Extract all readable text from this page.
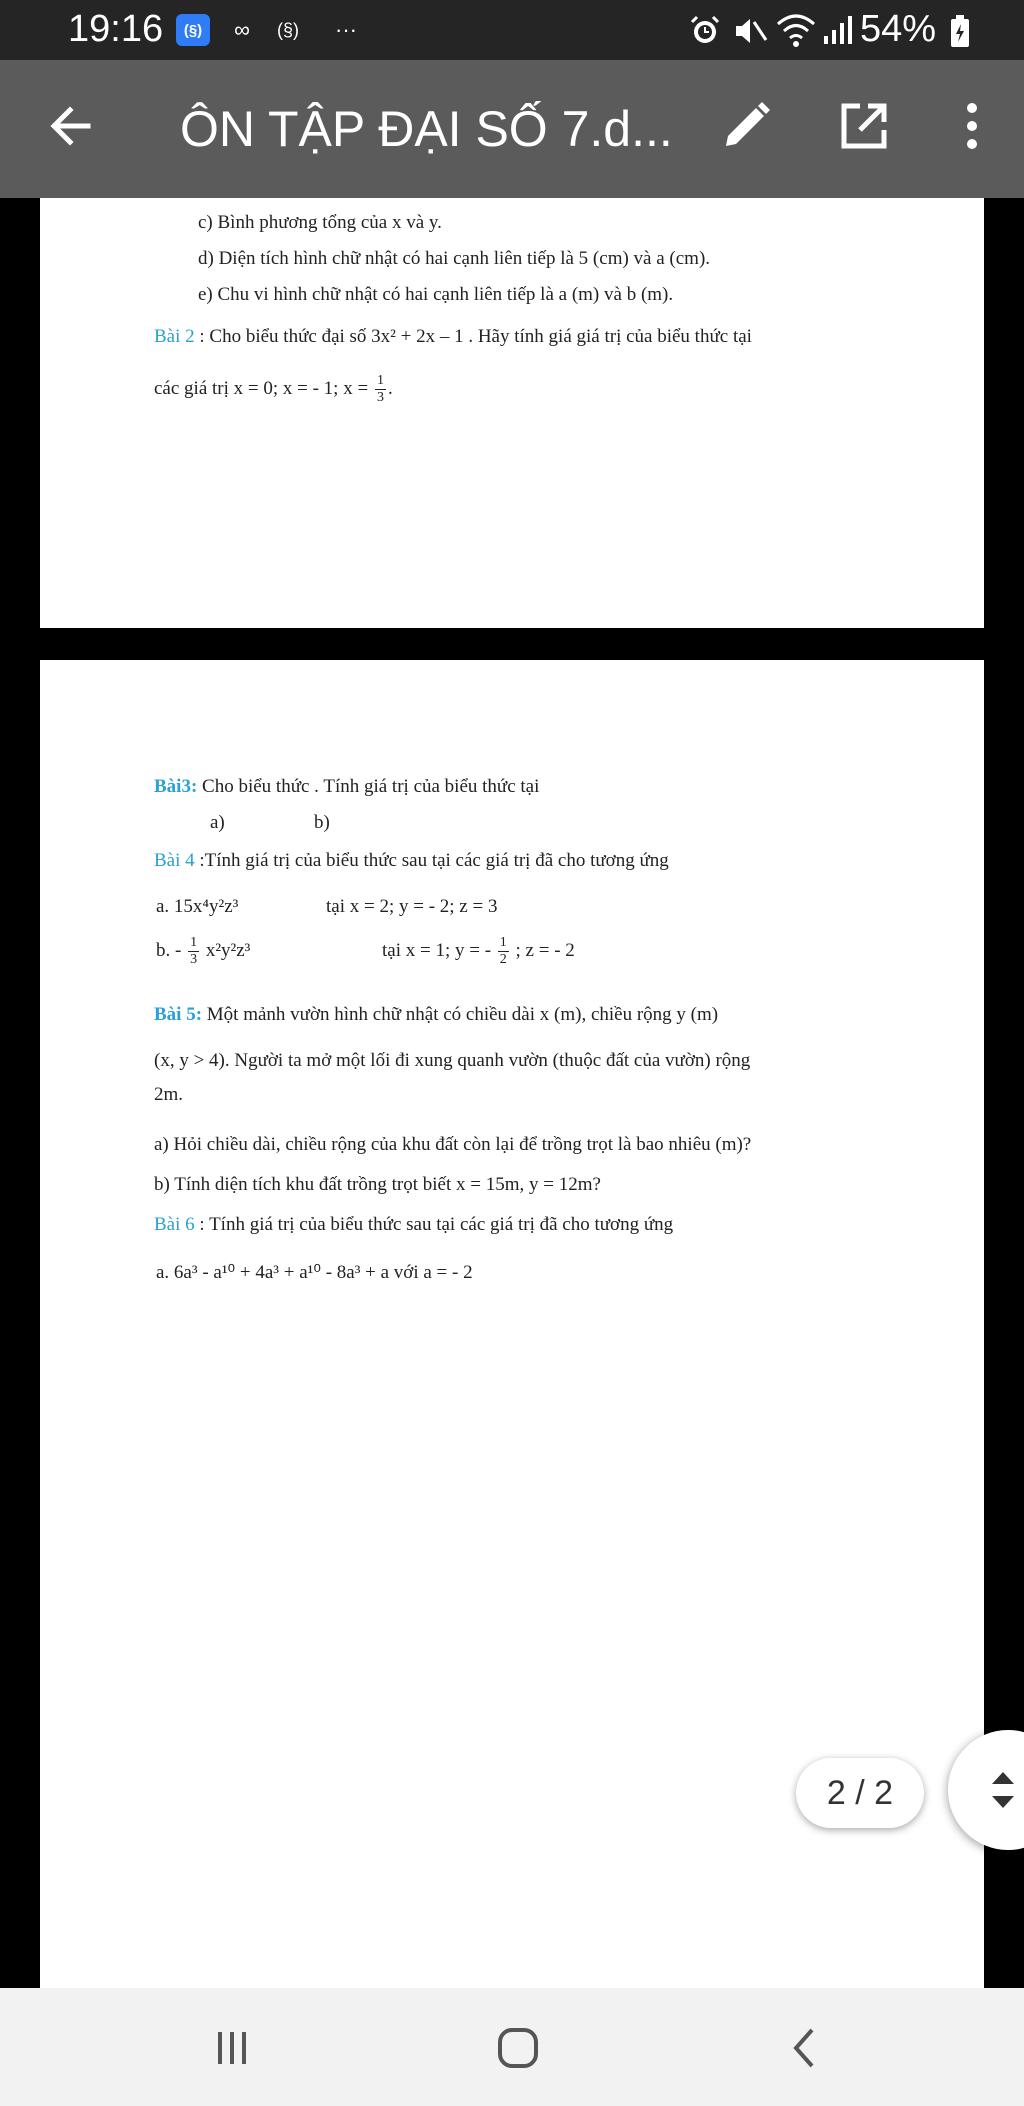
19:16	(§)	∞	(§)	···	54%
ÔN TẬP ĐẠI SỐ 7.d...
c) Bình phương tổng của x và y.
d) Diện tích hình chữ nhật có hai cạnh liên tiếp là 5 (cm) và a (cm).
e) Chu vi hình chữ nhật có hai cạnh liên tiếp là a (m) và b (m).
Bài 2 : Cho biểu thức đại số 3x² + 2x – 1 . Hãy tính giá giá trị của biểu thức tại
các giá trị x = 0; x = - 1; $x = \frac{1}{3}$ .
Bài3: Cho biểu thức . Tính giá trị của biểu thức tại
a)	b)
Bài 4 :Tính giá trị của biểu thức sau tại các giá trị đã cho tương ứng
a. 15x⁴y²z³	tại x = 2; y = - 2; z = 3
b. - $\frac{1}{3} x^2y^2z^3$	tại x = 1; y = - $\frac{1}{2}$ ; z = - 2
Bài 5: Một mảnh vườn hình chữ nhật có chiều dài x (m), chiều rộng y (m)
(x, y > 4). Người ta mở một lối đi xung quanh vườn (thuộc đất của vườn) rộng
2m.
a) Hỏi chiều dài, chiều rộng của khu đất còn lại để trồng trọt là bao nhiêu (m)?
b) Tính diện tích khu đất trồng trọt biết x = 15m, y = 12m?
Bài 6 : Tính giá trị của biểu thức sau tại các giá trị đã cho tương ứng
a. 6a³ - a¹⁰ + 4a³ + a¹⁰ - 8a³ + a với a = - 2
2 / 2
